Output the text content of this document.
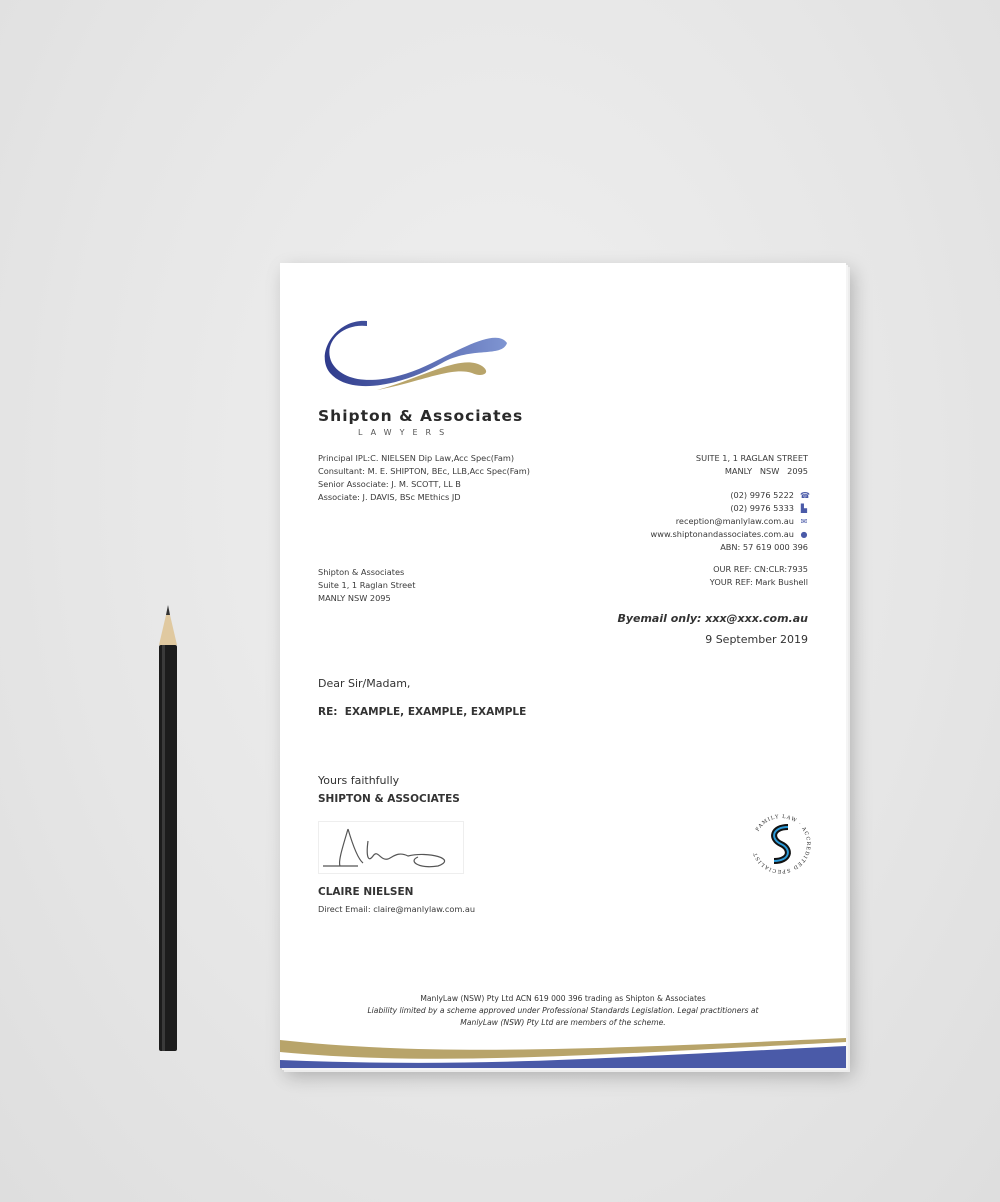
Shipton & Associates
LAWYERS
Principal IPL:C. NIELSEN Dip Law,Acc Spec(Fam)
Consultant: M. E. SHIPTON, BEc, LLB,Acc Spec(Fam)
Senior Associate: J. M. SCOTT, LL B
Associate: J. DAVIS, BSc MEthics JD
SUITE 1, 1 RAGLAN STREET
MANLY   NSW   2095
(02) 9976 5222 ☎
(02) 9976 5333 ▙
reception@manlylaw.com.au ✉
www.shiptonandassociates.com.au ●
ABN: 57 619 000 396
Shipton & Associates
Suite 1, 1 Raglan Street
MANLY NSW 2095
OUR REF: CN:CLR:7935
YOUR REF: Mark Bushell
Byemail only: xxx@xxx.com.au
9 September 2019
Dear Sir/Madam,
RE:  EXAMPLE, EXAMPLE, EXAMPLE
Yours faithfully
SHIPTON & ASSOCIATES
CLAIRE NIELSEN
Direct Email: claire@manlylaw.com.au
FAMILY LAW · ACCREDITED SPECIALIST
ManlyLaw (NSW) Pty Ltd ACN 619 000 396 trading as Shipton & Associates
Liability limited by a scheme approved under Professional Standards Legislation. Legal practitioners at
ManlyLaw (NSW) Pty Ltd are members of the scheme.
